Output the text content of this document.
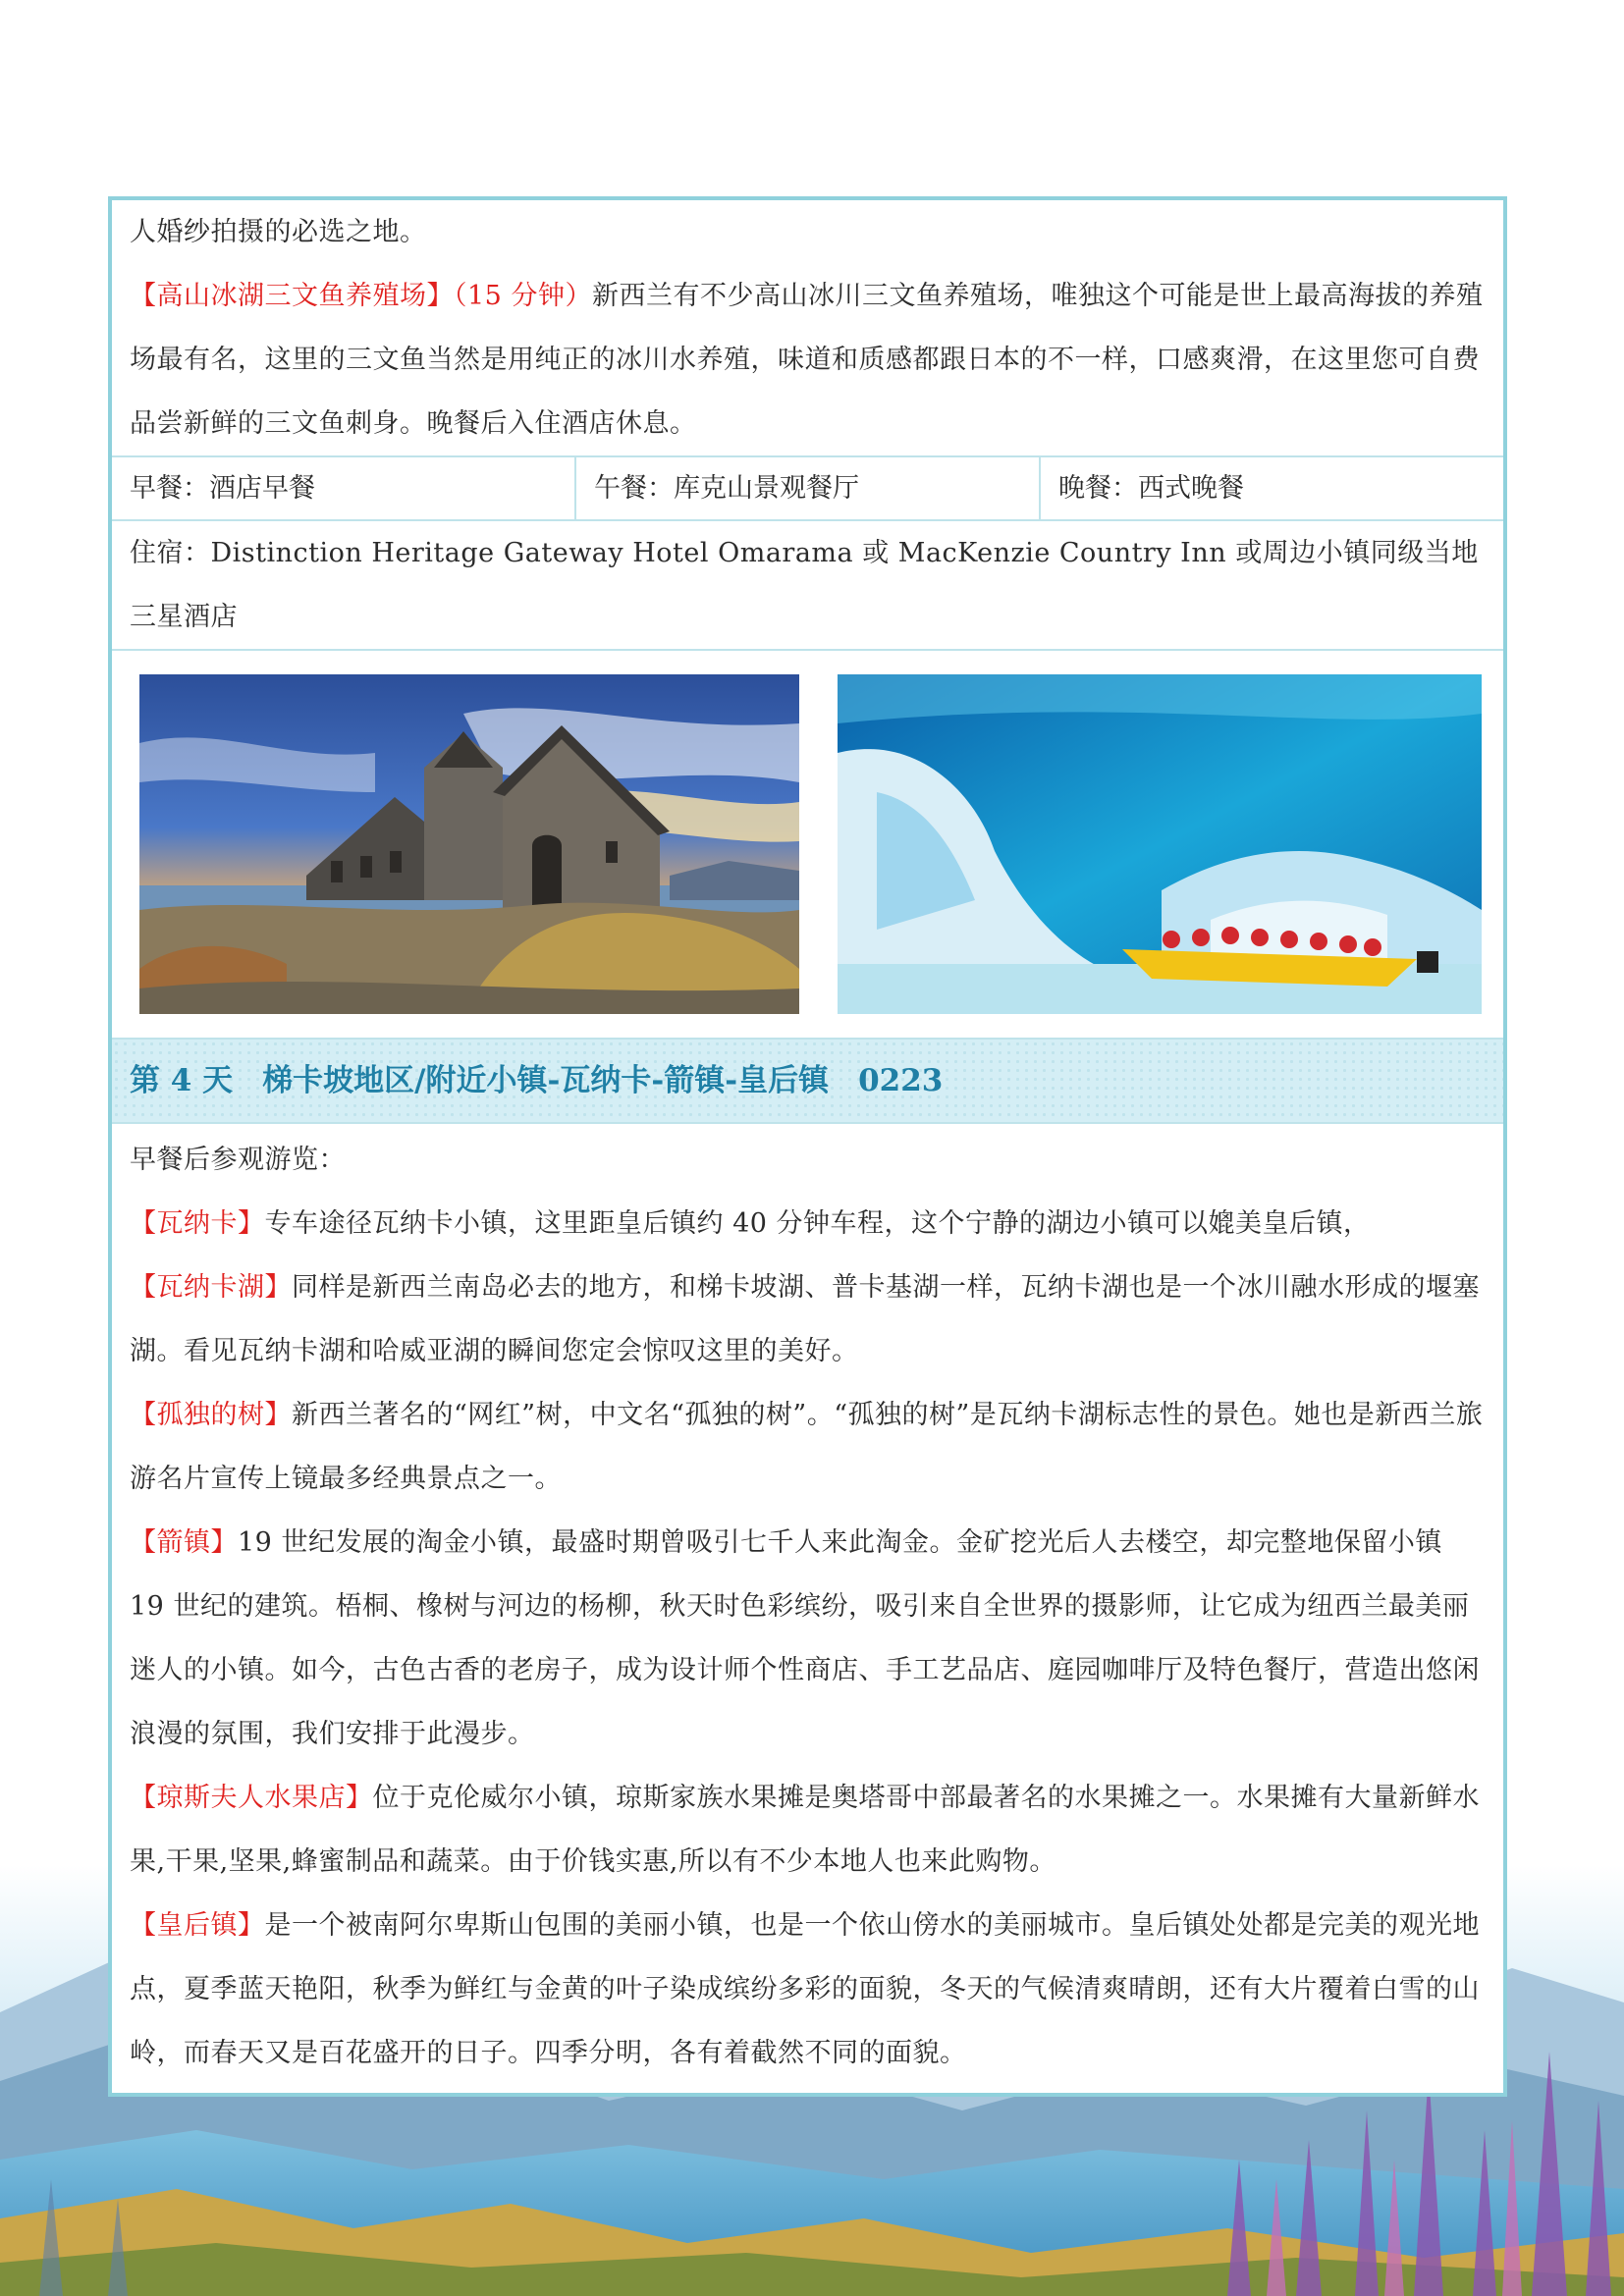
人婚纱拍摄的必选之地。

【高山冰湖三文鱼养殖场】（15 分钟）新西兰有不少高山冰川三文鱼养殖场，唯独这个可能是世上最高海拔的养殖场最有名，这里的三文鱼当然是用纯正的冰川水养殖，味道和质感都跟日本的不一样，口感爽滑，在这里您可自费品尝新鲜的三文鱼刺身。晚餐后入住酒店休息。

早餐：酒店早餐	午餐：库克山景观餐厅	晚餐：西式晚餐

住宿：Distinction Heritage Gateway Hotel Omarama 或 MacKenzie Country Inn 或周边小镇同级当地三星酒店

第 4 天 梯卡坡地区/附近小镇-瓦纳卡-箭镇-皇后镇 0223

早餐后参观游览：

【瓦纳卡】专车途径瓦纳卡小镇，这里距皇后镇约 40 分钟车程，这个宁静的湖边小镇可以媲美皇后镇，

【瓦纳卡湖】同样是新西兰南岛必去的地方，和梯卡坡湖、普卡基湖一样，瓦纳卡湖也是一个冰川融水形成的堰塞湖。看见瓦纳卡湖和哈威亚湖的瞬间您定会惊叹这里的美好。

【孤独的树】新西兰著名的“网红”树，中文名“孤独的树”。“孤独的树”是瓦纳卡湖标志性的景色。她也是新西兰旅游名片宣传上镜最多经典景点之一。

【箭镇】19 世纪发展的淘金小镇，最盛时期曾吸引七千人来此淘金。金矿挖光后人去楼空，却完整地保留小镇 19 世纪的建筑。梧桐、橡树与河边的杨柳，秋天时色彩缤纷，吸引来自全世界的摄影师，让它成为纽西兰最美丽迷人的小镇。如今，古色古香的老房子，成为设计师个性商店、手工艺品店、庭园咖啡厅及特色餐厅，营造出悠闲浪漫的氛围，我们安排于此漫步。

【琼斯夫人水果店】位于克伦威尔小镇，琼斯家族水果摊是奥塔哥中部最著名的水果摊之一。水果摊有大量新鲜水果,干果,坚果,蜂蜜制品和蔬菜。由于价钱实惠,所以有不少本地人也来此购物。

【皇后镇】是一个被南阿尔卑斯山包围的美丽小镇，也是一个依山傍水的美丽城市。皇后镇处处都是完美的观光地点，夏季蓝天艳阳，秋季为鲜红与金黄的叶子染成缤纷多彩的面貌，冬天的气候清爽晴朗，还有大片覆着白雪的山岭，而春天又是百花盛开的日子。四季分明，各有着截然不同的面貌。
